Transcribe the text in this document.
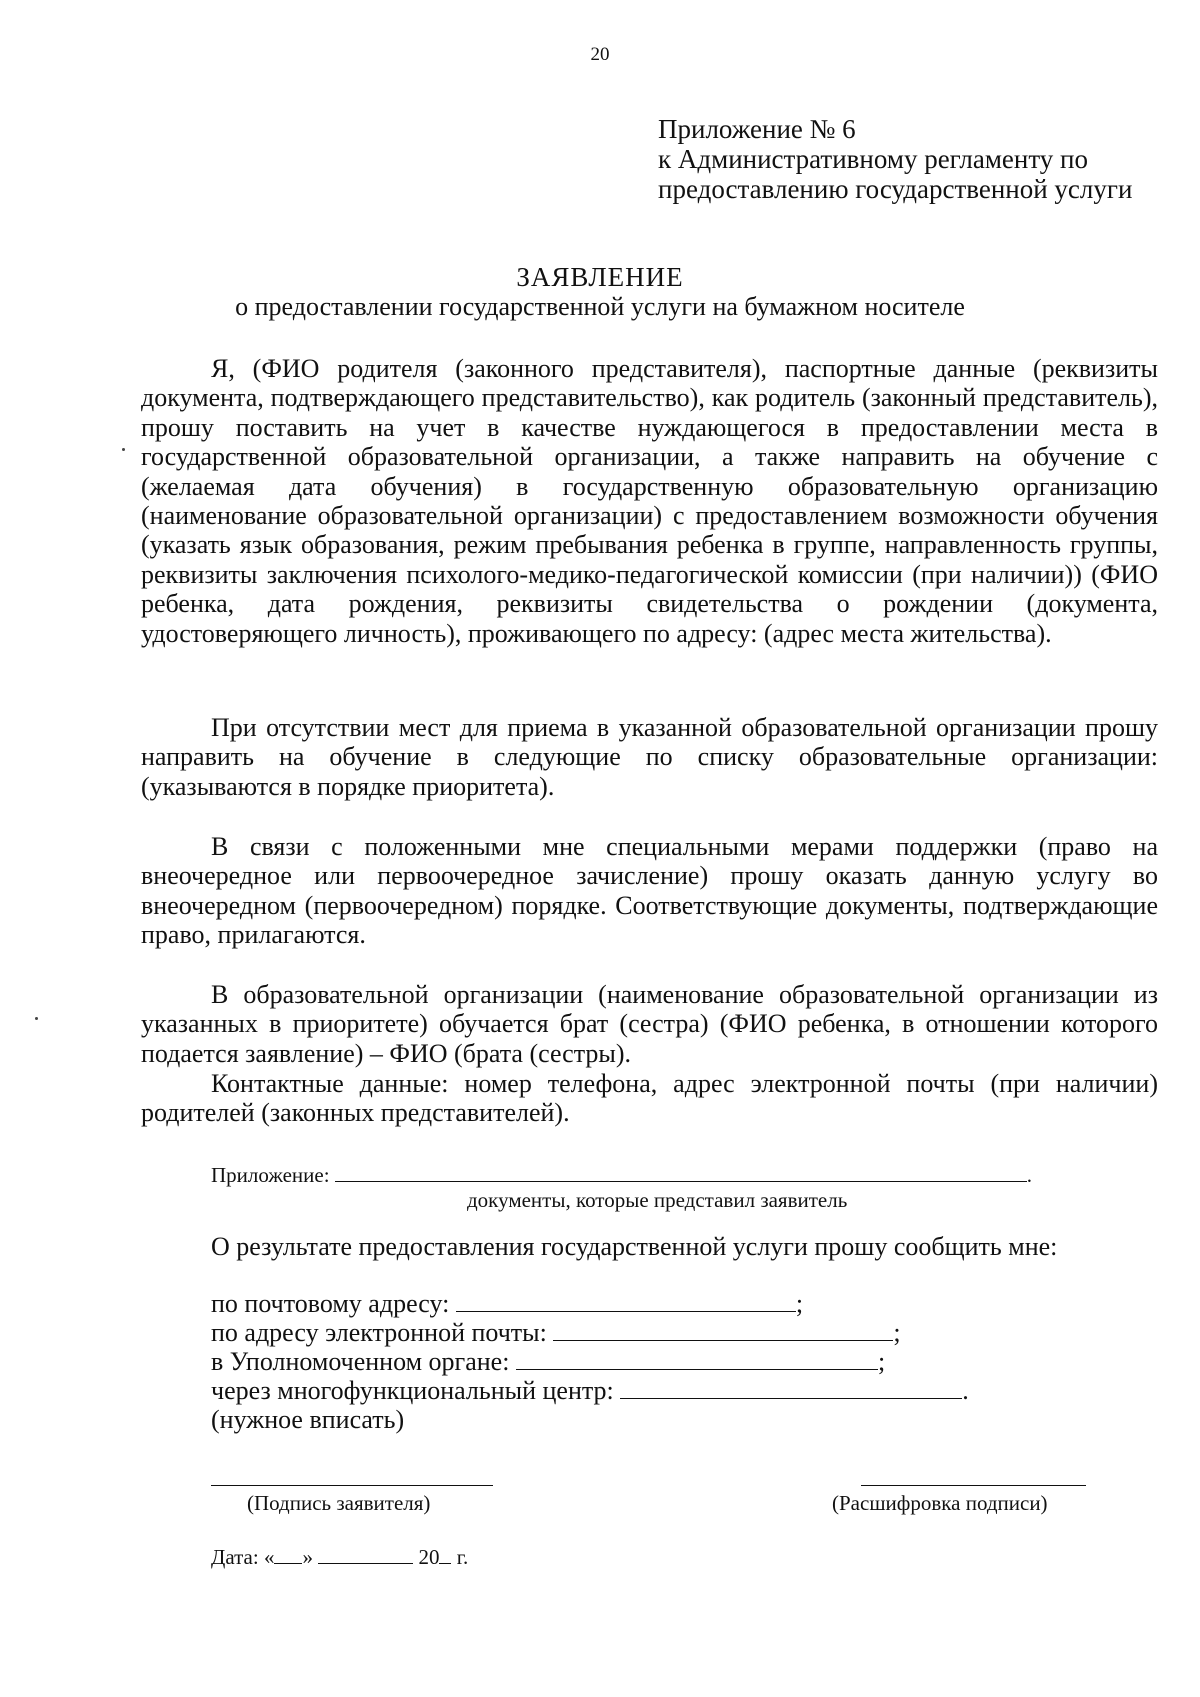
20
Приложение № 6
к Административному регламенту по
предоставлению государственной услуги
ЗАЯВЛЕНИЕ
о предоставлении государственной услуги на бумажном носителе

Я, (ФИО родителя (законного представителя), паспортные данные (реквизиты документа, подтверждающего представительство), как родитель (законный представитель), прошу поставить на учет в качестве нуждающегося в предоставлении места в государственной образовательной организации, а также направить на обучение с (желаемая дата обучения) в государственную образовательную организацию (наименование образовательной организации) с предоставлением возможности обучения (указать язык образования, режим пребывания ребенка в группе, направленность группы, реквизиты заключения психолого-медико-педагогической комиссии (при наличии)) (ФИО ребенка, дата рождения, реквизиты свидетельства о рождении (документа, удостоверяющего личность), проживающего по адресу: (адрес места жительства).

При отсутствии мест для приема в указанной образовательной организации прошу направить на обучение в следующие по списку образовательные организации: (указываются в порядке приоритета).

В связи с положенными мне специальными мерами поддержки (право на внеочередное или первоочередное зачисление) прошу оказать данную услугу во внеочередном (первоочередном) порядке. Соответствующие документы, подтверждающие право, прилагаются.

В образовательной организации (наименование образовательной организации из указанных в приоритете) обучается брат (сестра) (ФИО ребенка, в отношении которого подается заявление) – ФИО (брата (сестры).

Контактные данные: номер телефона, адрес электронной почты (при наличии) родителей (законных представителей).

Приложение:	.
документы, которые представил заявитель

О результате предоставления государственной услуги прошу сообщить мне:

по почтовому адресу:	;
по адресу электронной почты:	;
в Уполномоченном органе:	;
через многофункциональный центр:	.
(нужное вписать)
(Подпись заявителя)	(Расшифровка подписи)
Дата: « »	20 г.
